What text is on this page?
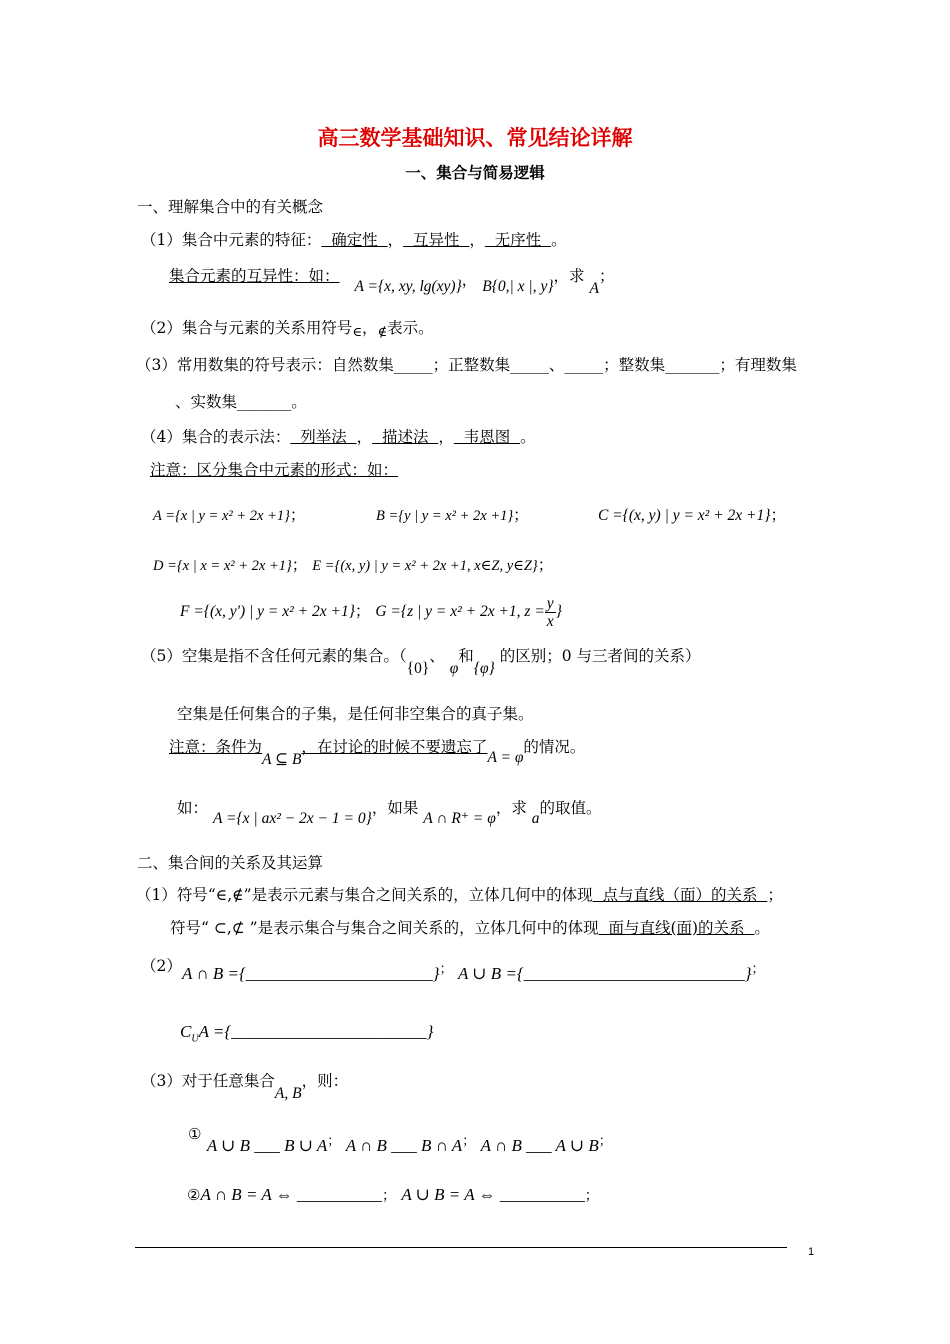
高三数学基础知识、常见结论详解
一、集合与简易逻辑
一、理解集合中的有关概念
（1）集合中元素的特征：  确定性  ，  互异性  ，  无序性  。
集合元素的互异性：如： A ={x, xy, lg(xy)}， B{0,| x |, y}，求 A；
（2）集合与元素的关系用符号∈，∉表示。
（3）常用数集的符号表示：自然数集_____；正整数集_____、_____；整数集_______；有理数集
、实数集_______。
（4）集合的表示法：  列举法  ，  描述法  ，  韦恩图  。
注意：区分集合中元素的形式：如：
A ={x | y = x² + 2x +1}；	B ={y | y = x² + 2x +1}；	C ={(x, y) | y = x² + 2x +1}；
D ={x | x = x² + 2x +1}； E ={(x, y) | y = x² + 2x +1, x∈Z, y∈Z}；
F ={(x, y') | y = x² + 2x +1}； G ={z | y = x² + 2x +1, $z = \frac{y}{x}$ }
（5）空集是指不含任何元素的集合。（{0}、 φ和{φ} 的区别；0 与三者间的关系）
空集是任何集合的子集，是任何非空集合的真子集。
注意：条件为A ⊆ B，在讨论的时候不要遗忘了A = φ的情况。
如： A ={x | ax² − 2x − 1 = 0}，如果 A ∩ R⁺ = φ，求 a的取值。
二、集合间的关系及其运算
（1）符号“∈,∉”是表示元素与集合之间关系的，立体几何中的体现  点与直线（面）的关系  ；
符号“ ⊂,⊄ ”是表示集合与集合之间关系的，立体几何中的体现  面与直线(面)的关系  。
（2） A ∩ B ={______________________}； A ∪ B ={__________________________}；
$C_UA$ ={_______________________}
（3）对于任意集合A, B，则：
① A ∪ B ___ B ∪ A； A ∩ B ___ B ∩ A； A ∩ B ___ A ∪ B；
②A ∩ B = A ⇔ __________； A ∪ B = A ⇔ __________；
1
